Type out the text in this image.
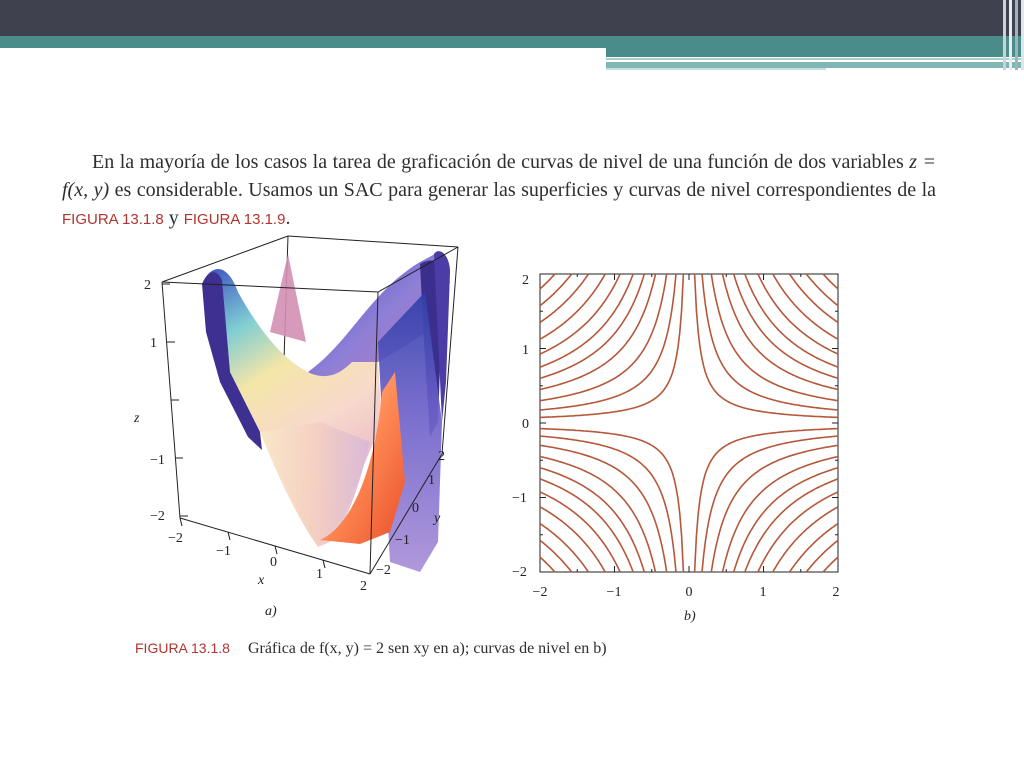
En la mayoría de los casos la tarea de graficación de curvas de nivel de una función de dos variables z = f(x, y) es considerable. Usamos un SAC para generar las superficies y curvas de nivel correspondientes de la FIGURA 13.1.8 y FIGURA 13.1.9.

2
1
−1
−2
z
−2
−1
0
1
2
x
2
1
0
−1
−2
y
a)
2
1
0
−1
−2
−2	−1	0	1	2
b)
FIGURA 13.1.8 Gráfica de f(x, y) = 2 sen xy en a); curvas de nivel en b)
